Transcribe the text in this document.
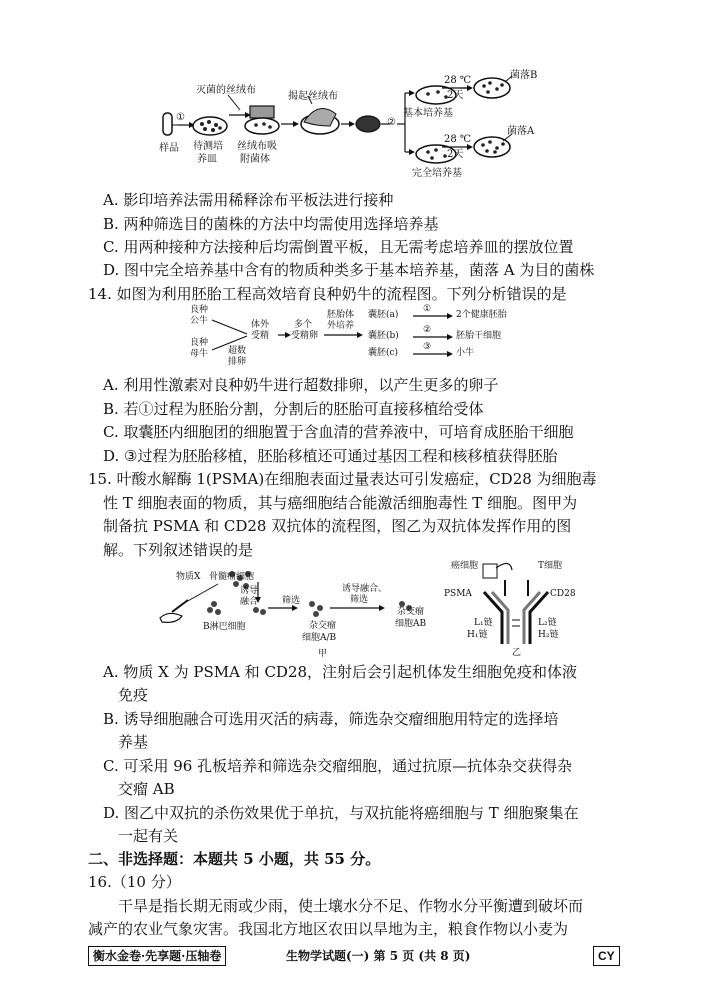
灭菌的丝绒布
揭起丝绒布
①	②
样品 待测培
养皿
丝绒布吸
附菌体
28 ℃
2天
28 ℃
2天
基本培养基
完全培养基
菌落B
菌落A
A. 影印培养法需用稀释涂布平板法进行接种
B. 两种筛选目的菌株的方法中均需使用选择培养基
C. 用两种接种方法接种后均需倒置平板，且无需考虑培养皿的摆放位置
D. 图中完全培养基中含有的物质种类多于基本培养基，菌落 A 为目的菌株
14. 如图为利用胚胎工程高效培育良种奶牛的流程图。下列分析错误的是
良种
公牛
良种
母牛
体外
受精
超数
排卵
多个
受精卵
胚胎体
外培养
囊胚(a)
囊胚(b)
囊胚(c)
①
②
③
2个健康胚胎
胚胎干细胞
小牛
A. 利用性激素对良种奶牛进行超数排卵，以产生更多的卵子
B. 若①过程为胚胎分割，分割后的胚胎可直接移植给受体
C. 取囊胚内细胞团的细胞置于含血清的营养液中，可培育成胚胎干细胞
D. ③过程为胚胎移植，胚胎移植还可通过基因工程和核移植获得胚胎
15. 叶酸水解酶 1(PSMA)在细胞表面过量表达可引发癌症，CD28 为细胞毒
性 T 细胞表面的物质，其与癌细胞结合能激活细胞毒性 T 细胞。图甲为
制备抗 PSMA 和 CD28 双抗体的流程图，图乙为双抗体发挥作用的图
解。下列叙述错误的是
物质X 骨髓瘤细胞
诱导
融合
B淋巴细胞
筛选
杂交瘤
细胞A/B
诱导融合、
筛选
杂交瘤
细胞AB
甲
癌细胞	T细胞
PSMA	CD28
L₁链
H₁链
L₂链
H₂链
乙
A. 物质 X 为 PSMA 和 CD28，注射后会引起机体发生细胞免疫和体液
免疫
B. 诱导细胞融合可选用灭活的病毒，筛选杂交瘤细胞用特定的选择培
养基
C. 可采用 96 孔板培养和筛选杂交瘤细胞，通过抗原—抗体杂交获得杂
交瘤 AB
D. 图乙中双抗的杀伤效果优于单抗，与双抗能将癌细胞与 T 细胞聚集在
一起有关
二、非选择题：本题共 5 小题，共 55 分。
16.（10 分）
干旱是指长期无雨或少雨，使土壤水分不足、作物水分平衡遭到破坏而
减产的农业气象灾害。我国北方地区农田以旱地为主，粮食作物以小麦为
衡水金卷·先享题·压轴卷	生物学试题(一) 第 5 页 (共 8 页)	CY
